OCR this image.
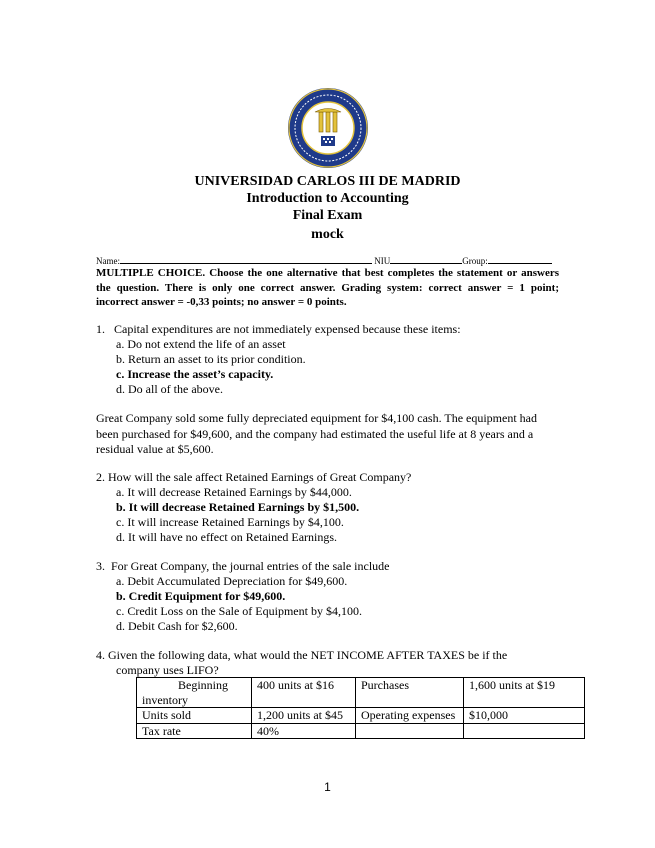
UNIVERSIDAD CARLOS III DE MADRID
Introduction to Accounting
Final Exam
mock
Name:	NIU	Group:
MULTIPLE CHOICE. Choose the one alternative that best completes the statement or answers the question. There is only one correct answer. Grading system: correct answer = 1 point; incorrect answer = -0,33 points; no answer = 0 points.
1.   Capital expenditures are not immediately expensed because these items:
a. Do not extend the life of an asset
b. Return an asset to its prior condition.
c. Increase the asset’s capacity.
d. Do all of the above.
Great Company sold some fully depreciated equipment for $4,100 cash. The equipment had been purchased for $49,600, and the company had estimated the useful life at 8 years and a residual value at $5,600.
2. How will the sale affect Retained Earnings of Great Company?
a. It will decrease Retained Earnings by $44,000.
b. It will decrease Retained Earnings by $1,500.
c. It will increase Retained Earnings by $4,100.
d. It will have no effect on Retained Earnings.
3.  For Great Company, the journal entries of the sale include
a. Debit Accumulated Depreciation for $49,600.
b. Credit Equipment for $49,600.
c. Credit Loss on the Sale of Equipment by $4,100.
d. Debit Cash for $2,600.
4. Given the following data, what would the NET INCOME AFTER TAXES be if the
company uses LIFO?
Beginning inventory	400 units at $16	Purchases	1,600 units at $19
Units sold	1,200 units at $45	Operating expenses	$10,000
Tax rate	40%		
1
